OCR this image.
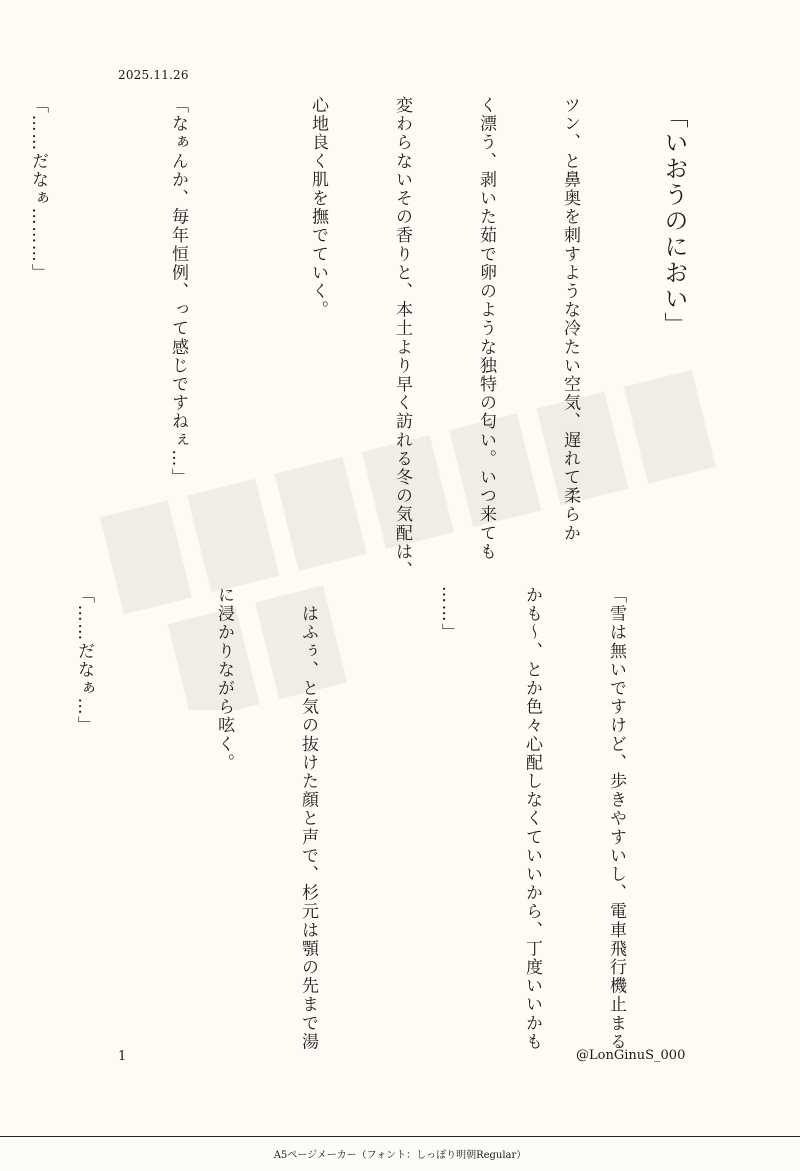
2025.11.26
「いおうのにおい」

ツン、と鼻奥を刺すような冷たい空気、遅れて柔らか

く漂う、剥いた茹で卵のような独特の匂い。いつ来ても

変わらないその香りと、本土より早く訪れる冬の気配は、

心地良く肌を撫でていく。

「なぁんか、毎年恒例、って感じですねぇ…」

「……だなぁ………」

「雪は無いですけど、歩きやすいし、電車飛行機止まる

かも〜、とか色々心配しなくていいから、丁度いいかも

……」

　はふぅ、と気の抜けた顔と声で、杉元は顎の先まで湯

に浸かりながら呟く。

「……だなぁ…」

1	@LonGinuS_000
A5ページメーカー（フォント：しっぽり明朝Regular）
